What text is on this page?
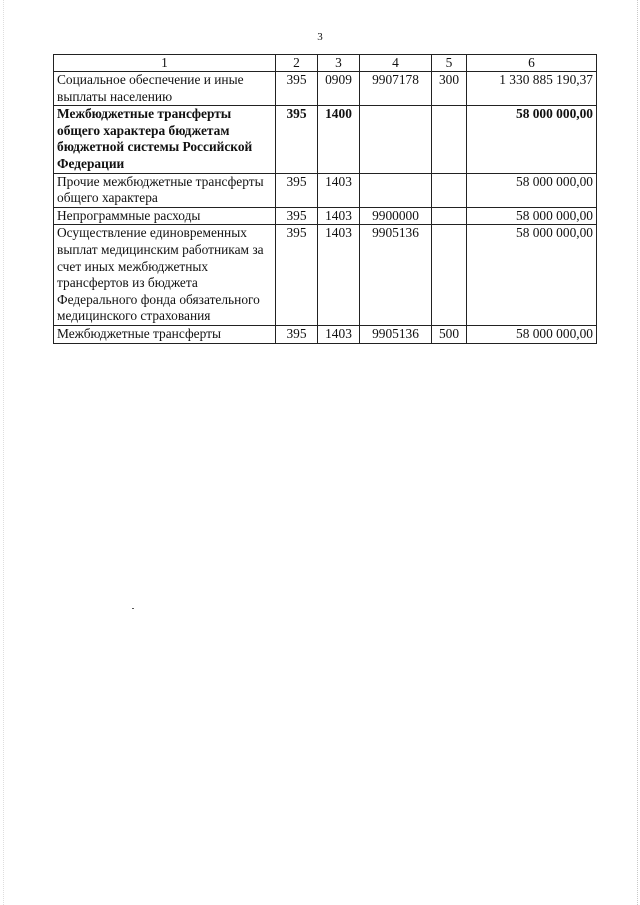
3
1	2	3	4	5	6
Социальное обеспечение и иные выплаты населению	395	0909	9907178	300	1 330 885 190,37
Межбюджетные трансферты общего характера бюджетам бюджетной системы Российской Федерации	395	1400			58 000 000,00
Прочие межбюджетные трансферты общего характера	395	1403			58 000 000,00
Непрограммные расходы	395	1403	9900000		58 000 000,00
Осуществление единовременных выплат медицинским работникам за счет иных межбюджетных трансфертов из бюджета Федерального фонда обязательного медицинского страхования	395	1403	9905136		58 000 000,00
Межбюджетные трансферты	395	1403	9905136	500	58 000 000,00
